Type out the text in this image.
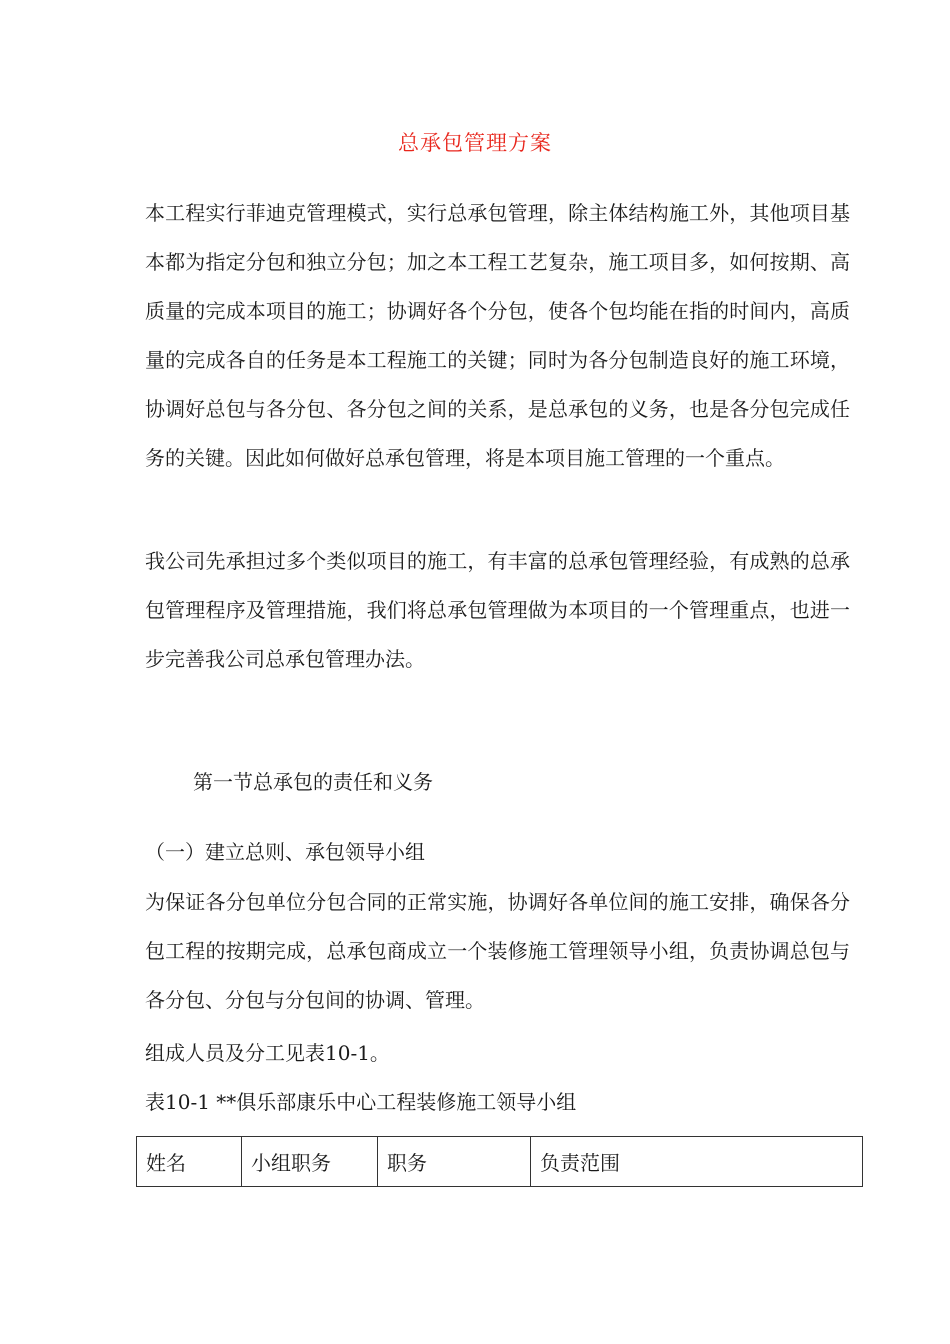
总承包管理方案

本工程实行菲迪克管理模式，实行总承包管理，除主体结构施工外，其他项目基本都为指定分包和独立分包；加之本工程工艺复杂，施工项目多，如何按期、高质量的完成本项目的施工；协调好各个分包，使各个包均能在指的时间内，高质量的完成各自的任务是本工程施工的关键；同时为各分包制造良好的施工环境，协调好总包与各分包、各分包之间的关系，是总承包的义务，也是各分包完成任务的关键。因此如何做好总承包管理，将是本项目施工管理的一个重点。

我公司先承担过多个类似项目的施工，有丰富的总承包管理经验，有成熟的总承包管理程序及管理措施，我们将总承包管理做为本项目的一个管理重点，也进一步完善我公司总承包管理办法。

第一节总承包的责任和义务
（一）建立总则、承包领导小组

为保证各分包单位分包合同的正常实施，协调好各单位间的施工安排，确保各分包工程的按期完成，总承包商成立一个装修施工管理领导小组，负责协调总包与各分包、分包与分包间的协调、管理。

组成人员及分工见表10-1。

表10-1 **俱乐部康乐中心工程装修施工领导小组

姓名	小组职务	职务	负责范围
